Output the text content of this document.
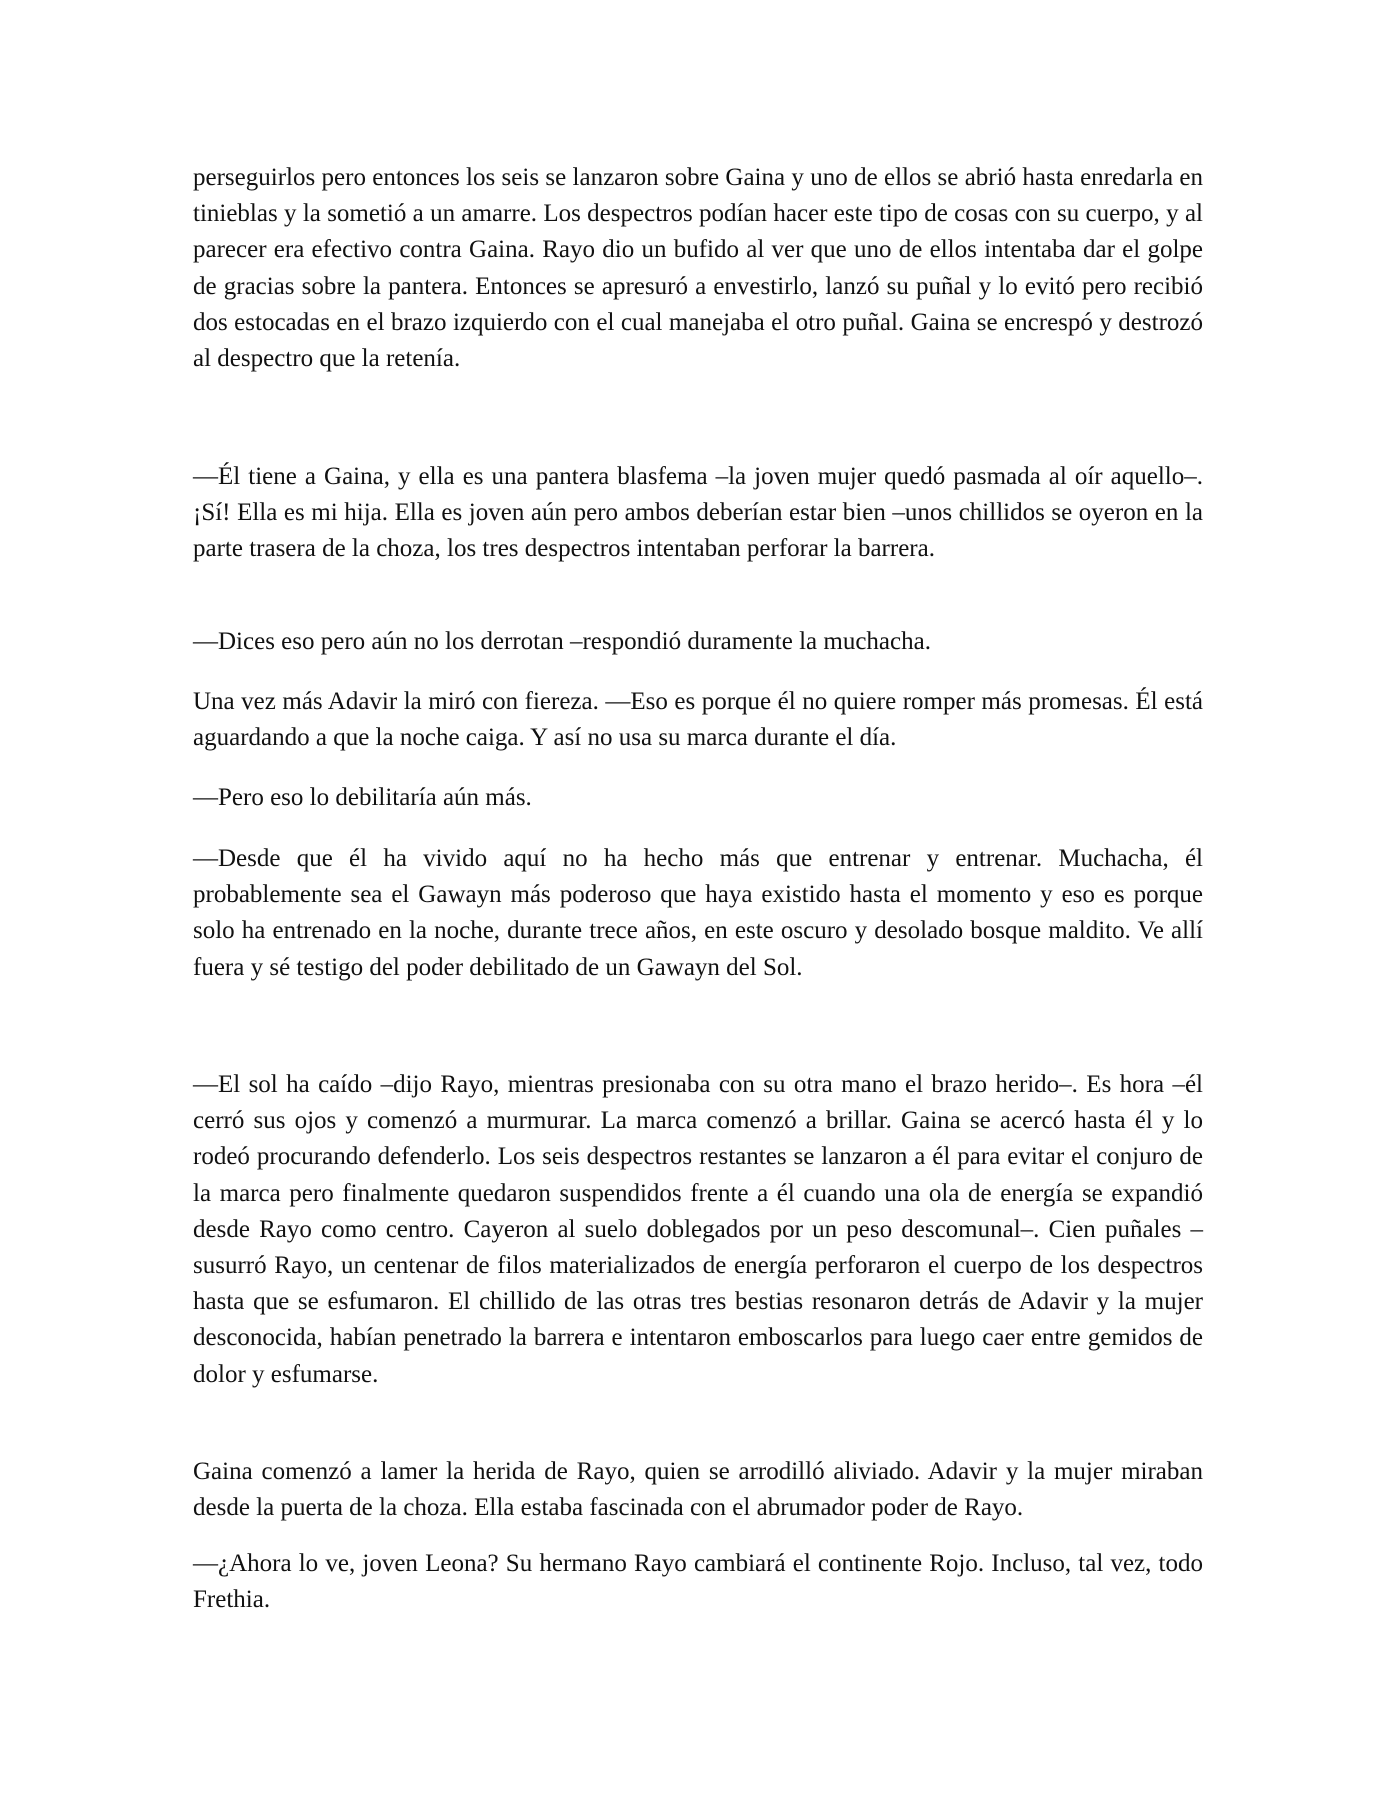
perseguirlos pero entonces los seis se lanzaron sobre Gaina y uno de ellos se abrió hasta enredarla en tinieblas y la sometió a un amarre. Los despectros podían hacer este tipo de cosas con su cuerpo, y al parecer era efectivo contra Gaina. Rayo dio un bufido al ver que uno de ellos intentaba dar el golpe de gracias sobre la pantera. Entonces se apresuró a envestirlo, lanzó su puñal y lo evitó pero recibió dos estocadas en el brazo izquierdo con el cual manejaba el otro puñal. Gaina se encrespó y destrozó al despectro que la retenía.

—Él tiene a Gaina, y ella es una pantera blasfema –la joven mujer quedó pasmada al oír aquello–. ¡Sí! Ella es mi hija. Ella es joven aún pero ambos deberían estar bien –unos chillidos se oyeron en la parte trasera de la choza, los tres despectros intentaban perforar la barrera.

—Dices eso pero aún no los derrotan –respondió duramente la muchacha.

Una vez más Adavir la miró con fiereza. —Eso es porque él no quiere romper más promesas. Él está aguardando a que la noche caiga. Y así no usa su marca durante el día.

—Pero eso lo debilitaría aún más.

—Desde que él ha vivido aquí no ha hecho más que entrenar y entrenar. Muchacha, él probablemente sea el Gawayn más poderoso que haya existido hasta el momento y eso es porque solo ha entrenado en la noche, durante trece años, en este oscuro y desolado bosque maldito. Ve allí fuera y sé testigo del poder debilitado de un Gawayn del Sol.

—El sol ha caído –dijo Rayo, mientras presionaba con su otra mano el brazo herido–. Es hora –él cerró sus ojos y comenzó a murmurar. La marca comenzó a brillar. Gaina se acercó hasta él y lo rodeó procurando defenderlo. Los seis despectros restantes se lanzaron a él para evitar el conjuro de la marca pero finalmente quedaron suspendidos frente a él cuando una ola de energía se expandió desde Rayo como centro. Cayeron al suelo doblegados por un peso descomunal–. Cien puñales –susurró Rayo, un centenar de filos materializados de energía perforaron el cuerpo de los despectros hasta que se esfumaron. El chillido de las otras tres bestias resonaron detrás de Adavir y la mujer desconocida, habían penetrado la barrera e intentaron emboscarlos para luego caer entre gemidos de dolor y esfumarse.

Gaina comenzó a lamer la herida de Rayo, quien se arrodilló aliviado. Adavir y la mujer miraban desde la puerta de la choza. Ella estaba fascinada con el abrumador poder de Rayo.

—¿Ahora lo ve, joven Leona? Su hermano Rayo cambiará el continente Rojo. Incluso, tal vez, todo Frethia.
